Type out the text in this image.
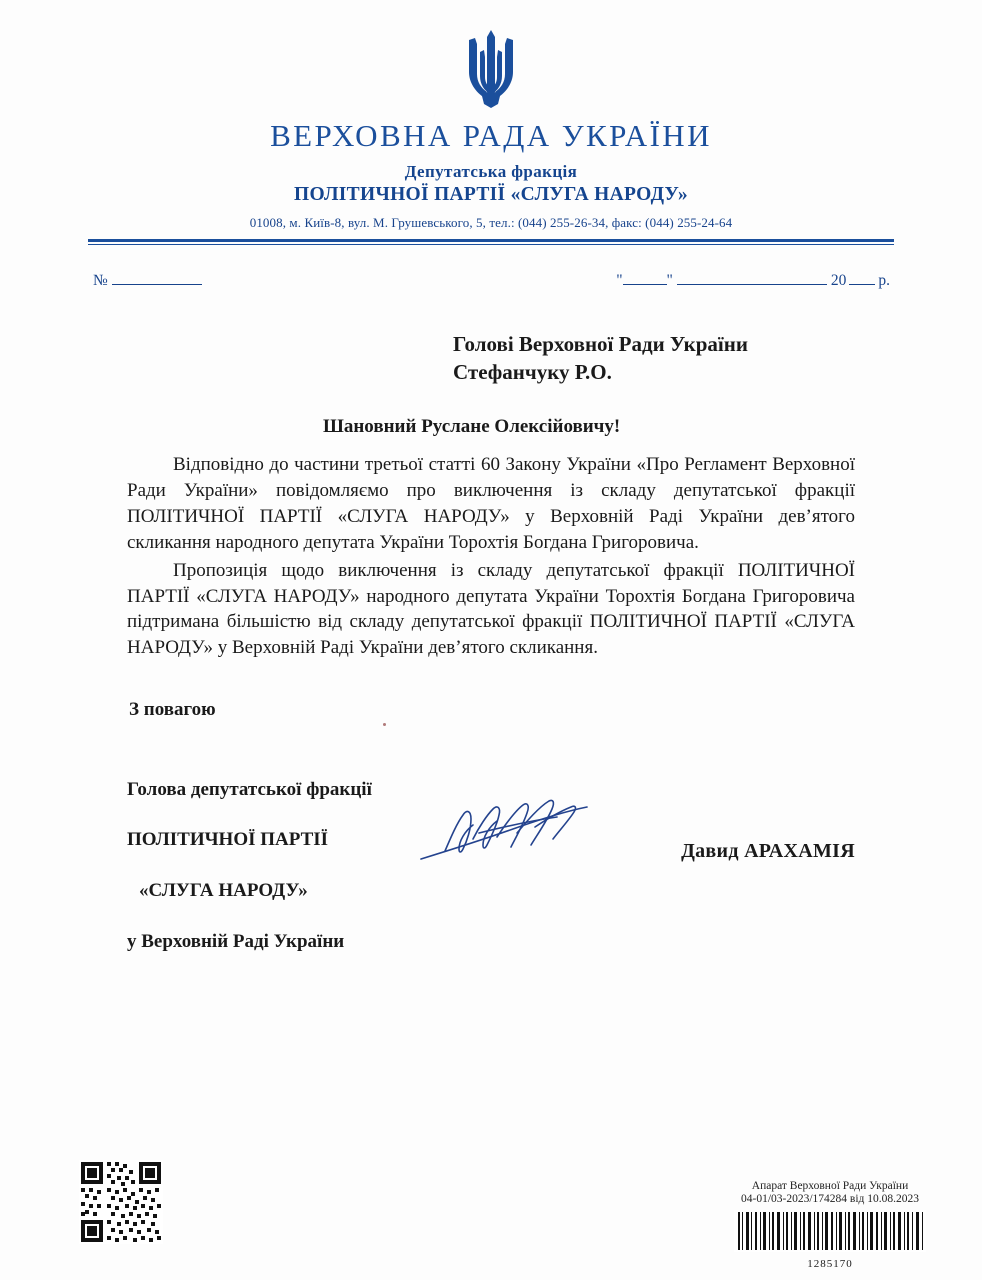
ВЕРХОВНА РАДА УКРАЇНИ
Депутатська фракція
ПОЛІТИЧНОЇ ПАРТІЇ «СЛУГА НАРОДУ»
01008, м. Київ-8, вул. М. Грушевського, 5, тел.: (044) 255-26-34, факс: (044) 255-24-64
№	"	"	20 р.
Голові Верховної Ради України
Стефанчуку Р.О.
Шановний Руслане Олексійовичу!

Відповідно до частини третьої статті 60 Закону України «Про Регламент Верховної Ради України» повідомляємо про виключення із складу депутатської фракції ПОЛІТИЧНОЇ ПАРТІЇ «СЛУГА НАРОДУ» у Верховній Раді України дев’ятого скликання народного депутата України Торохтія Богдана Григоровича.

Пропозиція щодо виключення із складу депутатської фракції ПОЛІТИЧНОЇ ПАРТІЇ «СЛУГА НАРОДУ» народного депутата України Торохтія Богдана Григоровича підтримана більшістю від складу депутатської фракції ПОЛІТИЧНОЇ ПАРТІЇ «СЛУГА НАРОДУ» у Верховній Раді України дев’ятого скликання.

З повагою

Голова депутатської фракції

ПОЛІТИЧНОЇ ПАРТІЇ

«СЛУГА НАРОДУ»

у Верховній Раді України

Давид АРАХАМІЯ
Апарат Верховної Ради України
04-01/03-2023/174284 від 10.08.2023
1285170
